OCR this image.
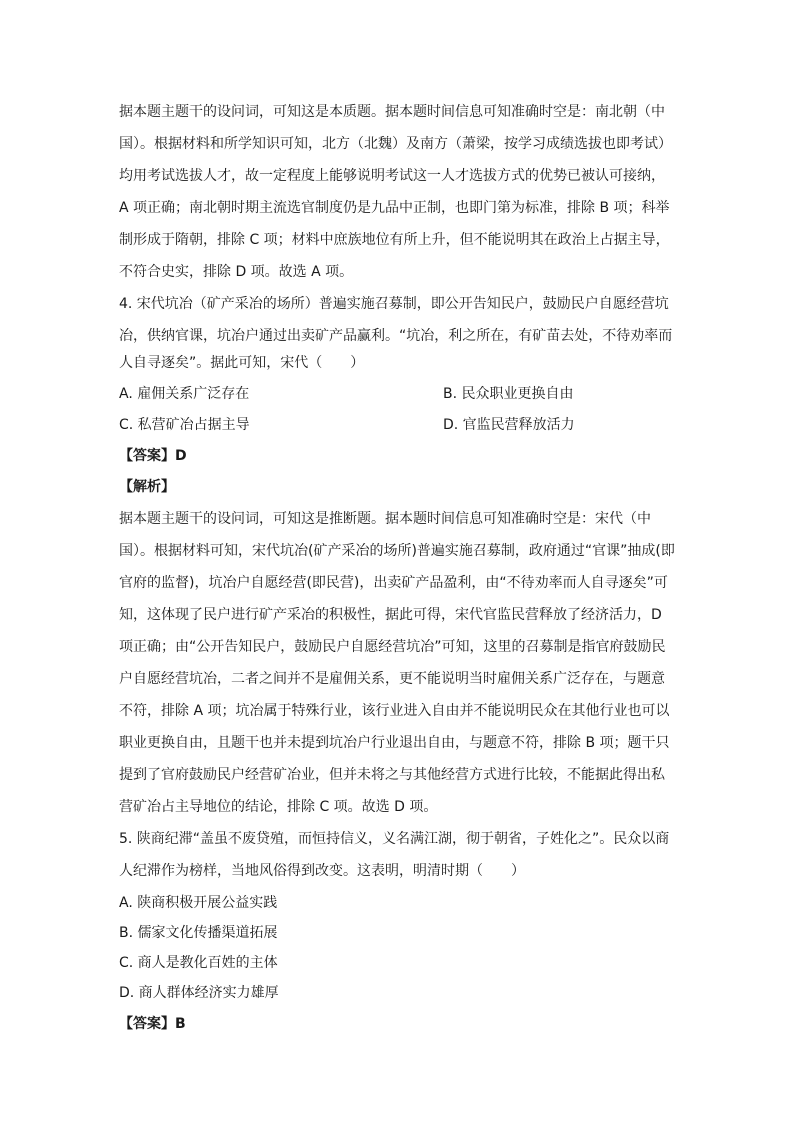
据本题主题干的设问词，可知这是本质题。据本题时间信息可知准确时空是：南北朝（中
国）。根据材料和所学知识可知，北方（北魏）及南方（萧梁，按学习成绩选拔也即考试）
均用考试选拔人才，故一定程度上能够说明考试这一人才选拔方式的优势已被认可接纳，
A 项正确；南北朝时期主流选官制度仍是九品中正制，也即门第为标准，排除 B 项；科举
制形成于隋朝，排除 C 项；材料中庶族地位有所上升，但不能说明其在政治上占据主导，
不符合史实，排除 D 项。故选 A 项。
4. 宋代坑冶（矿产采冶的场所）普遍实施召募制，即公开告知民户，鼓励民户自愿经营坑
冶，供纳官课，坑冶户通过出卖矿产品赢利。“坑冶，利之所在，有矿苗去处，不待劝率而
人自寻逐矣”。据此可知，宋代（　　）
A. 雇佣关系广泛存在	B. 民众职业更换自由
C. 私营矿冶占据主导	D. 官监民营释放活力
【答案】D
【解析】
据本题主题干的设问词，可知这是推断题。据本题时间信息可知准确时空是：宋代（中
国）。根据材料可知，宋代坑冶(矿产采冶的场所)普遍实施召募制，政府通过“官课”抽成(即
官府的监督)，坑冶户自愿经营(即民营)，出卖矿产品盈利，由“不待劝率而人自寻逐矣”可
知，这体现了民户进行矿产采冶的积极性，据此可得，宋代官监民营释放了经济活力，D
项正确；由“公开告知民户，鼓励民户自愿经营坑冶”可知，这里的召募制是指官府鼓励民
户自愿经营坑冶，二者之间并不是雇佣关系，更不能说明当时雇佣关系广泛存在，与题意
不符，排除 A 项；坑冶属于特殊行业，该行业进入自由并不能说明民众在其他行业也可以
职业更换自由，且题干也并未提到坑冶户行业退出自由，与题意不符，排除 B 项；题干只
提到了官府鼓励民户经营矿冶业，但并未将之与其他经营方式进行比较，不能据此得出私
营矿冶占主导地位的结论，排除 C 项。故选 D 项。
5. 陕商纪滞“盖虽不废贷殖，而恒持信义，义名满江湖，彻于朝省，子姓化之”。民众以商
人纪滞作为榜样，当地风俗得到改变。这表明，明清时期（　　）
A. 陕商积极开展公益实践
B. 儒家文化传播渠道拓展
C. 商人是教化百姓的主体
D. 商人群体经济实力雄厚
【答案】B
